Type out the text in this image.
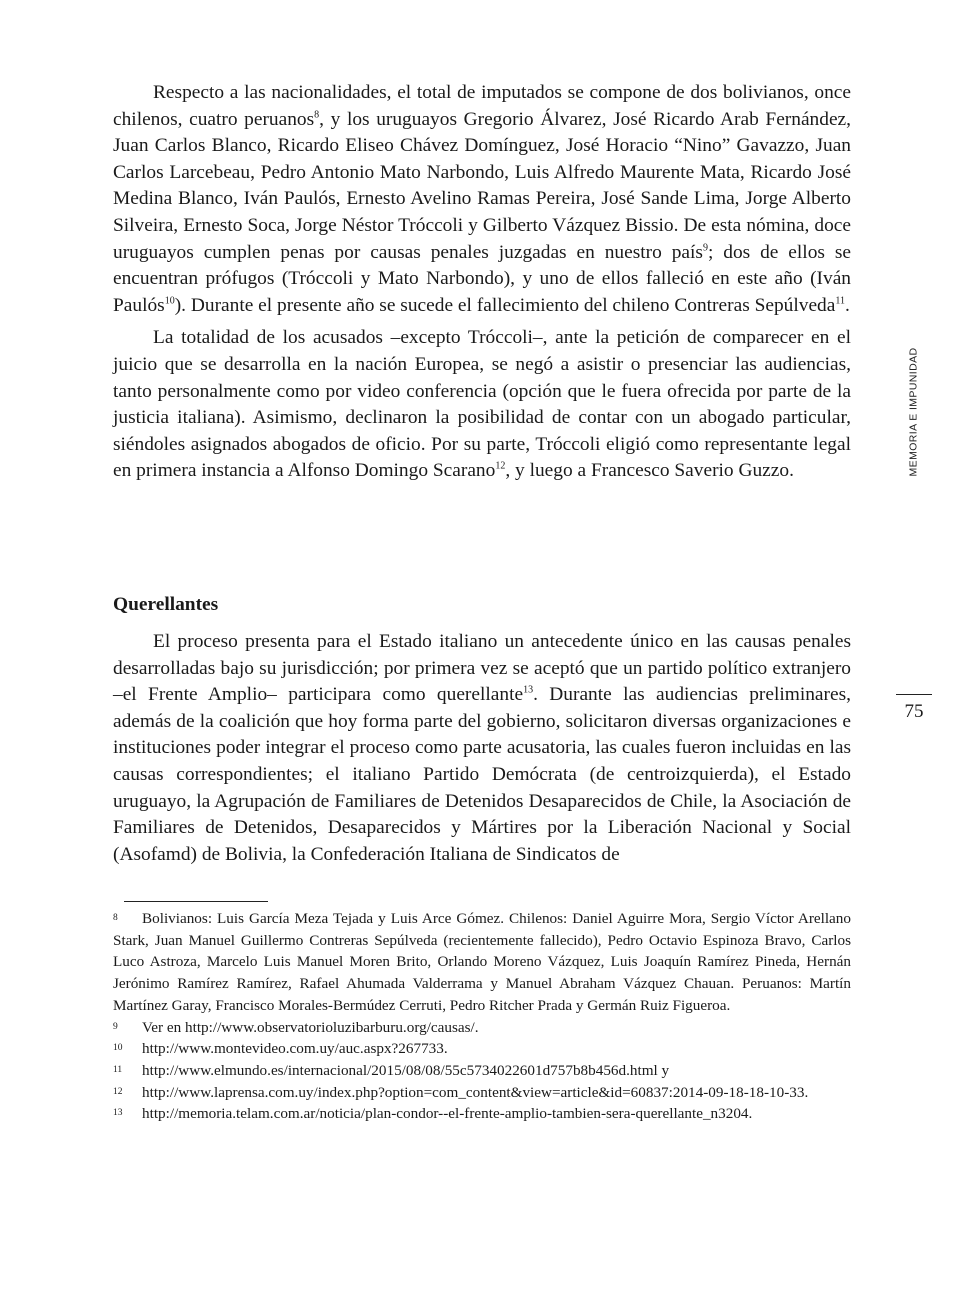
Respecto a las nacionalidades, el total de imputados se compone de dos bolivianos, once chilenos, cuatro peruanos$^8$, y los uruguayos Gregorio Álvarez, José Ricardo Arab Fernández, Juan Carlos Blanco, Ricardo Eliseo Chávez Domínguez, José Horacio “Nino” Gavazzo, Juan Carlos Larcebeau, Pedro Antonio Mato Narbondo, Luis Alfredo Maurente Mata, Ricardo José Medina Blanco, Iván Paulós, Ernesto Avelino Ramas Pereira, José Sande Lima, Jorge Alberto Silveira, Ernesto Soca, Jorge Néstor Tróccoli y Gilberto Vázquez Bissio. De esta nómina, doce uruguayos cumplen penas por causas penales juzgadas en nuestro país$^9$; dos de ellos se encuentran prófugos (Tróccoli y Mato Narbondo), y uno de ellos falleció en este año (Iván Paulós$^{10}$). Durante el presente año se sucede el fallecimiento del chileno Contreras Sepúlveda$^{11}$.

La totalidad de los acusados –excepto Tróccoli–, ante la petición de comparecer en el juicio que se desarrolla en la nación Europea, se negó a asistir o presenciar las audiencias, tanto personalmente como por video conferencia (opción que le fuera ofrecida por parte de la justicia italiana). Asimismo, declinaron la posibilidad de contar con un abogado particular, siéndoles asignados abogados de oficio. Por su parte, Tróccoli eligió como representante legal en primera instancia a Alfonso Domingo Scarano$^{12}$, y luego a Francesco Saverio Guzzo.

Querellantes

El proceso presenta para el Estado italiano un antecedente único en las causas penales desarrolladas bajo su jurisdicción; por primera vez se aceptó que un partido político extranjero –el Frente Amplio– participara como querellante$^{13}$. Durante las audiencias preliminares, además de la coalición que hoy forma parte del gobierno, solicitaron diversas organizaciones e instituciones poder integrar el proceso como parte acusatoria, las cuales fueron incluidas en las causas correspondientes; el italiano Partido Demócrata (de centroizquierda), el Estado uruguayo, la Agrupación de Familiares de Detenidos Desaparecidos de Chile, la Asociación de Familiares de Detenidos, Desaparecidos y Mártires por la Liberación Nacional y Social (Asofamd) de Bolivia, la Confederación Italiana de Sindicatos de

MEMORIA E IMPUNIDAD
75

8 Bolivianos: Luis García Meza Tejada y Luis Arce Gómez. Chilenos: Daniel Aguirre Mora, Sergio Víctor Arellano Stark, Juan Manuel Guillermo Contreras Sepúlveda (recientemente fallecido), Pedro Octavio Espinoza Bravo, Carlos Luco Astroza, Marcelo Luis Manuel Moren Brito, Orlando Moreno Vázquez, Luis Joaquín Ramírez Pineda, Hernán Jerónimo Ramírez Ramírez, Rafael Ahumada Valderrama y Manuel Abraham Vázquez Chauan. Peruanos: Martín Martínez Garay, Francisco Morales-Bermúdez Cerruti, Pedro Ritcher Prada y Germán Ruiz Figueroa.

9 Ver en http://www.observatorioluzibarburu.org/causas/.

10 http://www.montevideo.com.uy/auc.aspx?267733.

11 http://www.elmundo.es/internacional/2015/08/08/55c5734022601d757b8b456d.html y

12 http://www.laprensa.com.uy/index.php?option=com_content&view=article&id=60837:2014-09-18-18-10-33.

13 http://memoria.telam.com.ar/noticia/plan-condor--el-frente-amplio-tambien-sera-querellante_n3204.
